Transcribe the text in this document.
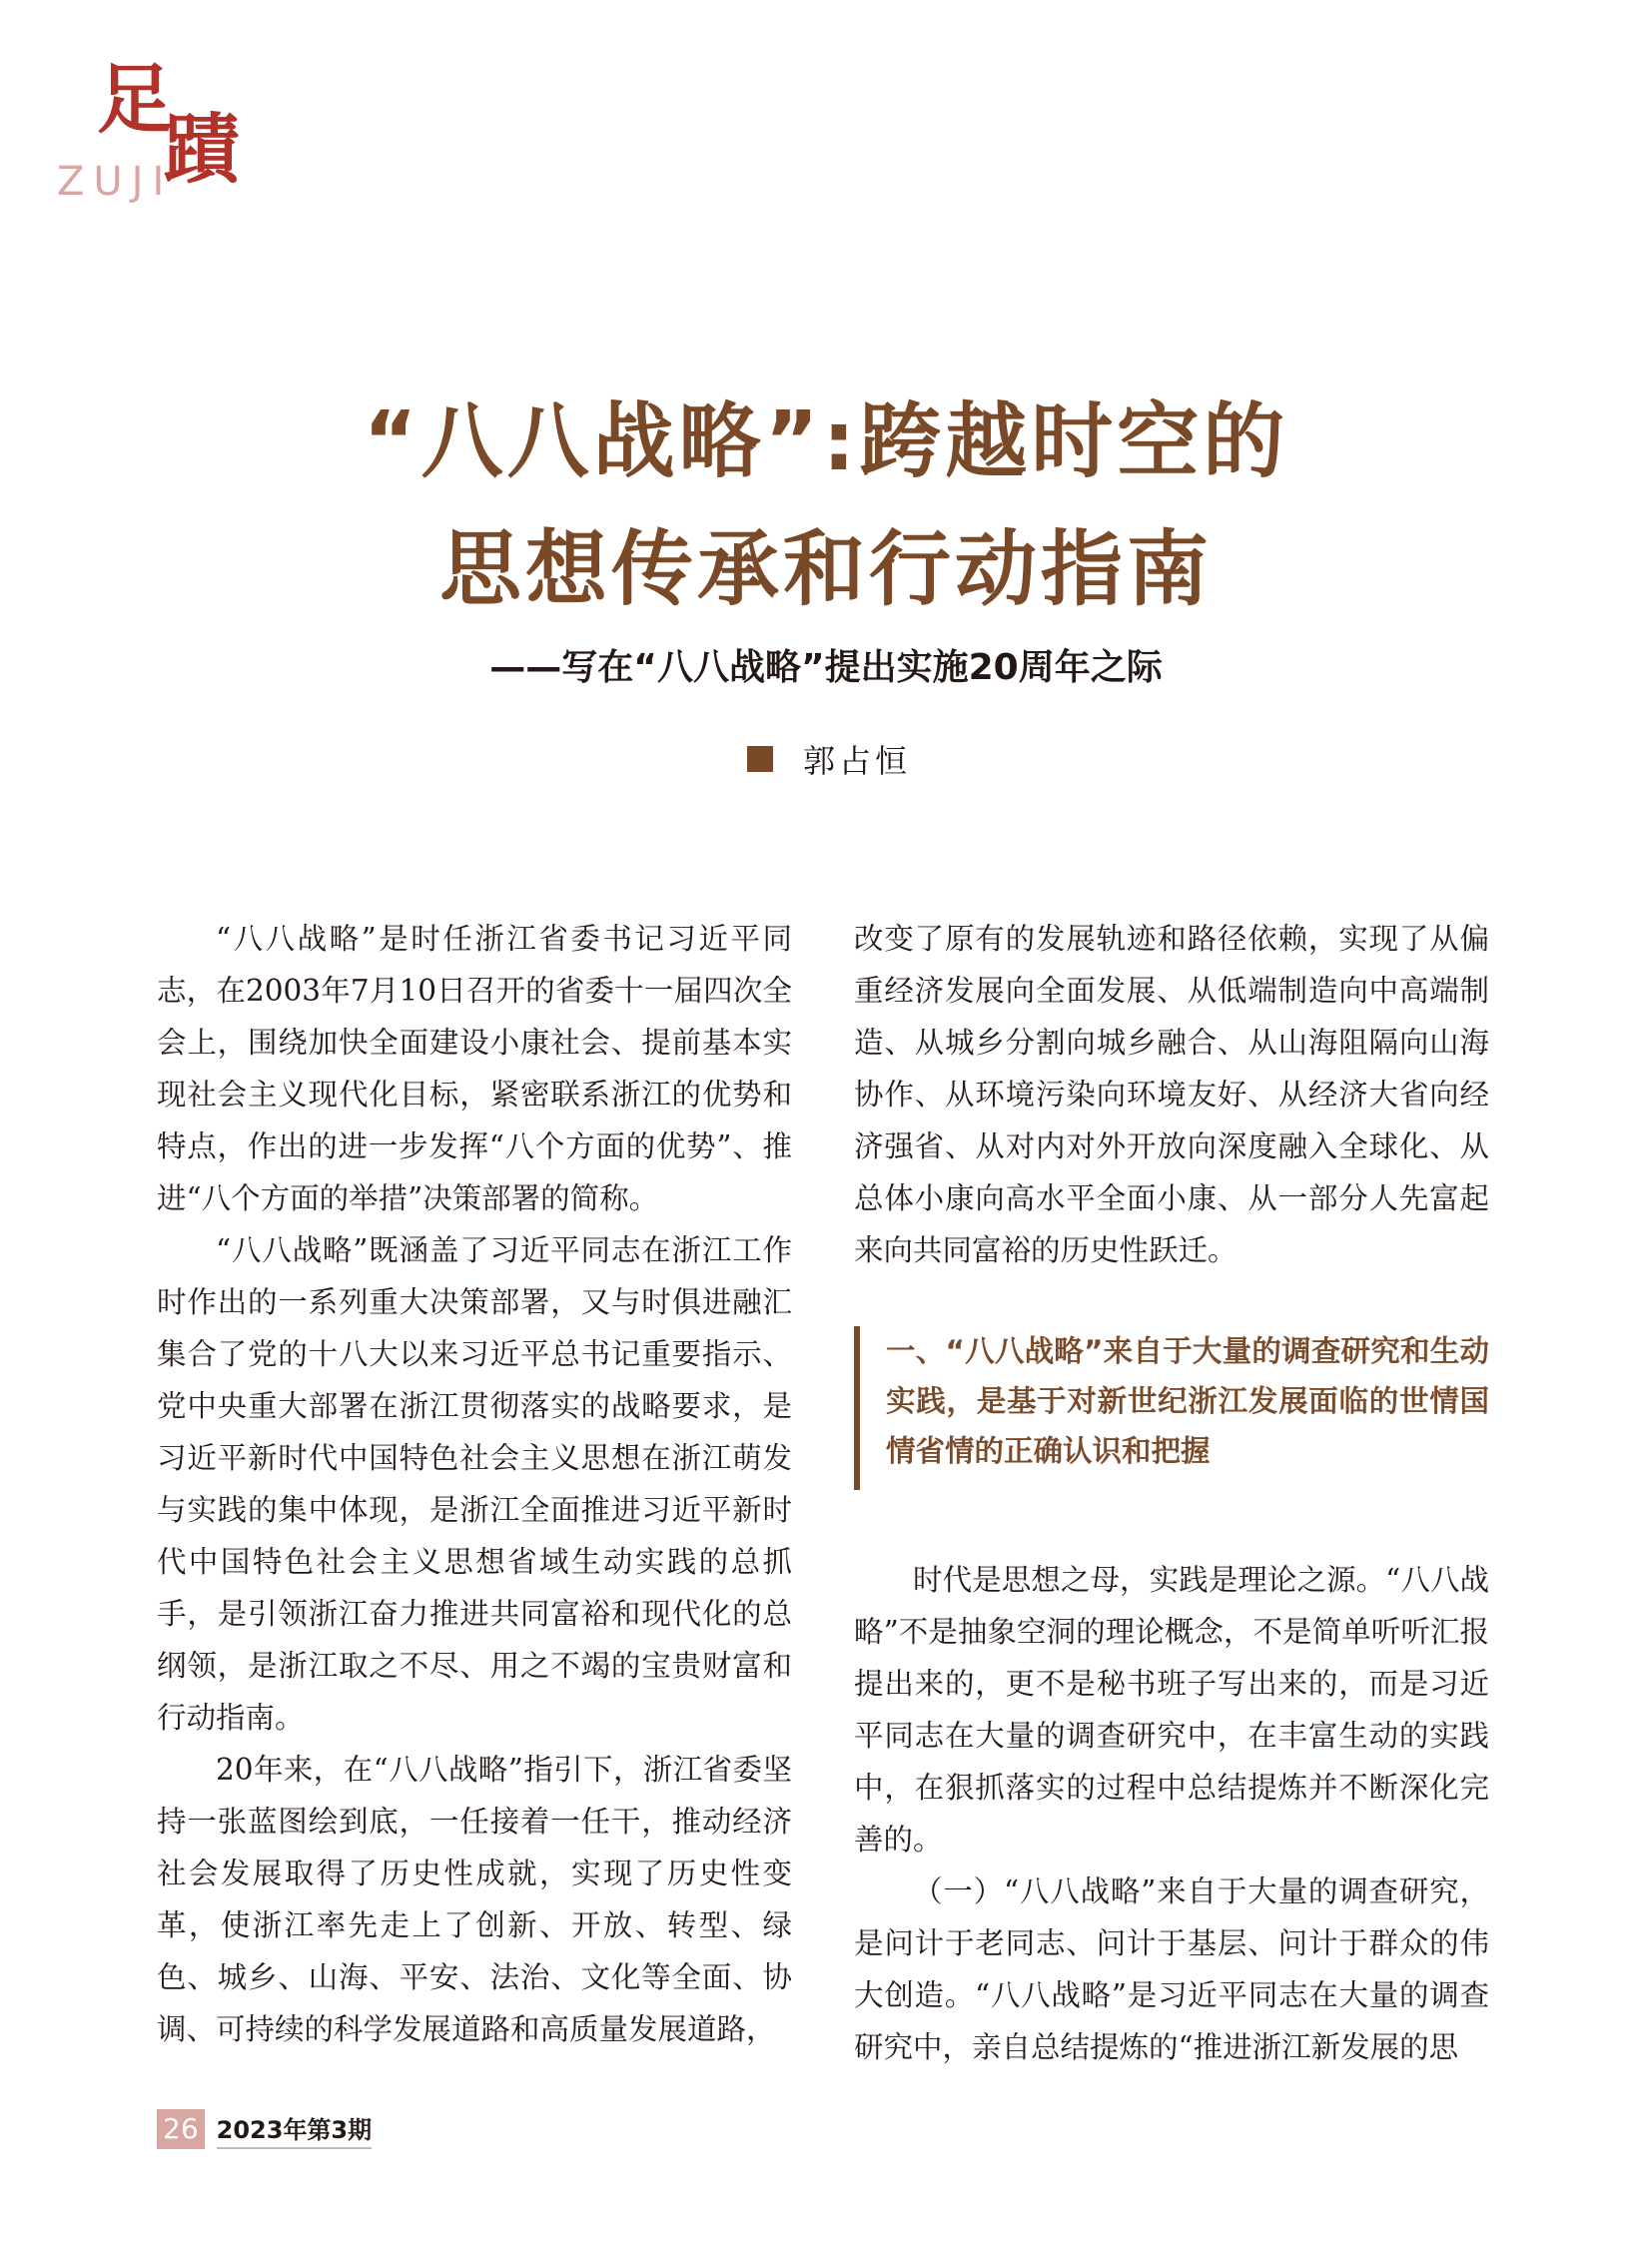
足
蹟
ZUJI
“八八战略”:跨越时空的
思想传承和行动指南
——写在“八八战略”提出实施20周年之际
郭占恒

“八八战略”是时任浙江省委书记习近平同志，在2003年7月10日召开的省委十一届四次全会上，围绕加快全面建设小康社会、提前基本实现社会主义现代化目标，紧密联系浙江的优势和特点，作出的进一步发挥“八个方面的优势”、推进“八个方面的举措”决策部署的简称。

“八八战略”既涵盖了习近平同志在浙江工作时作出的一系列重大决策部署，又与时俱进融汇集合了党的十八大以来习近平总书记重要指示、党中央重大部署在浙江贯彻落实的战略要求，是习近平新时代中国特色社会主义思想在浙江萌发与实践的集中体现，是浙江全面推进习近平新时代中国特色社会主义思想省域生动实践的总抓手，是引领浙江奋力推进共同富裕和现代化的总纲领，是浙江取之不尽、用之不竭的宝贵财富和行动指南。

20年来，在“八八战略”指引下，浙江省委坚持一张蓝图绘到底，一任接着一任干，推动经济社会发展取得了历史性成就，实现了历史性变革，使浙江率先走上了创新、开放、转型、绿色、城乡、山海、平安、法治、文化等全面、协调、可持续的科学发展道路和高质量发展道路，

改变了原有的发展轨迹和路径依赖，实现了从偏重经济发展向全面发展、从低端制造向中高端制造、从城乡分割向城乡融合、从山海阻隔向山海协作、从环境污染向环境友好、从经济大省向经济强省、从对内对外开放向深度融入全球化、从总体小康向高水平全面小康、从一部分人先富起来向共同富裕的历史性跃迁。

一、“八八战略”来自于大量的调查研究和生动实践，是基于对新世纪浙江发展面临的世情国情省情的正确认识和把握

时代是思想之母，实践是理论之源。“八八战略”不是抽象空洞的理论概念，不是简单听听汇报提出来的，更不是秘书班子写出来的，而是习近平同志在大量的调查研究中，在丰富生动的实践中，在狠抓落实的过程中总结提炼并不断深化完善的。

（一）“八八战略”来自于大量的调查研究，是问计于老同志、问计于基层、问计于群众的伟大创造。“八八战略”是习近平同志在大量的调查研究中，亲自总结提炼的“推进浙江新发展的思

26 2023年第3期
